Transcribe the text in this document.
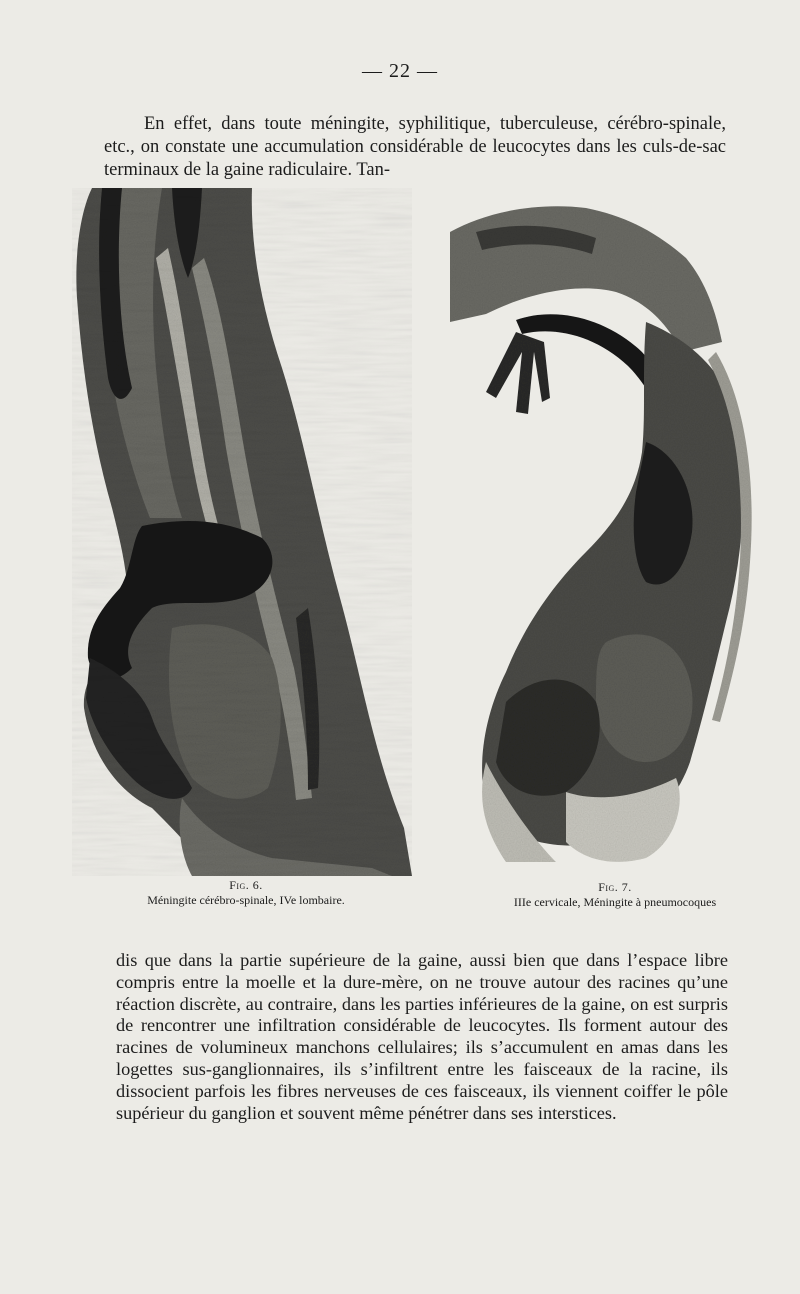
— 22 —

En effet, dans toute méningite, syphilitique, tuberculeuse, cérébro-spinale, etc., on constate une accumulation considérable de leucocytes dans les culs-de-sac terminaux de la gaine radiculaire. Tan-

Fig. 6.
Méningite cérébro-spinale, IVe lombaire.
Fig. 7.
IIIe cervicale, Méningite à pneumocoques

dis que dans la partie supérieure de la gaine, aussi bien que dans l’espace libre compris entre la moelle et la dure-mère, on ne trouve autour des racines qu’une réaction discrète, au contraire, dans les parties inférieures de la gaine, on est surpris de rencontrer une infiltration considérable de leucocytes. Ils forment autour des racines de volumineux manchons cellulaires; ils s’accumulent en amas dans les logettes sus-ganglionnaires, ils s’infiltrent entre les faisceaux de la racine, ils dissocient parfois les fibres nerveuses de ces faisceaux, ils viennent coiffer le pôle supérieur du ganglion et souvent même pénétrer dans ses interstices.
